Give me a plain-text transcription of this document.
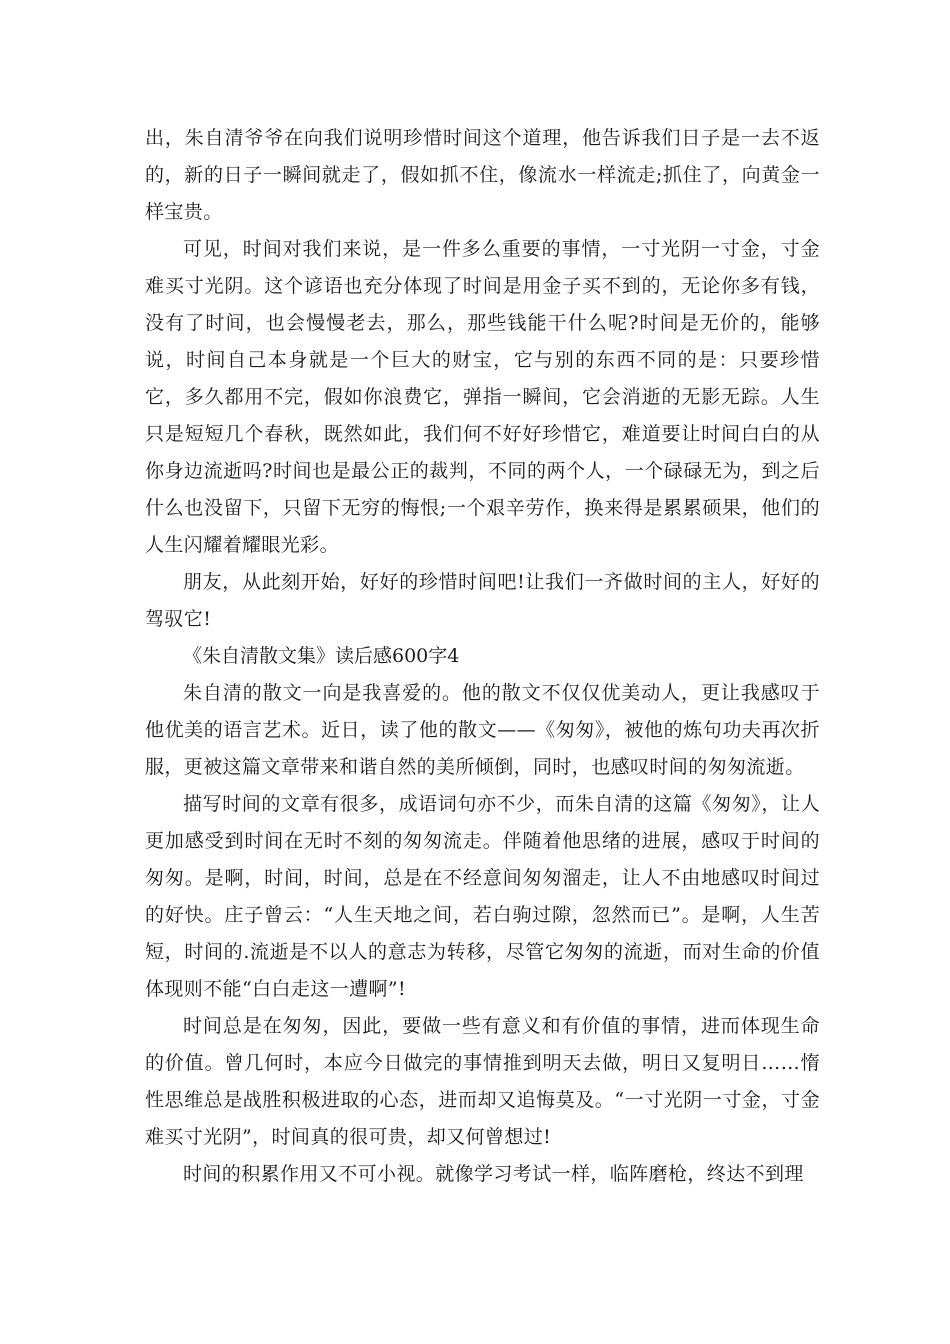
出，朱自清爷爷在向我们说明珍惜时间这个道理，他告诉我们日子是一去不返的，新的日子一瞬间就走了，假如抓不住，像流水一样流走;抓住了，向黄金一样宝贵。

可见，时间对我们来说，是一件多么重要的事情，一寸光阴一寸金，寸金难买寸光阴。这个谚语也充分体现了时间是用金子买不到的，无论你多有钱，没有了时间，也会慢慢老去，那么，那些钱能干什么呢?时间是无价的，能够说，时间自己本身就是一个巨大的财宝，它与别的东西不同的是：只要珍惜它，多久都用不完，假如你浪费它，弹指一瞬间，它会消逝的无影无踪。人生只是短短几个春秋，既然如此，我们何不好好珍惜它，难道要让时间白白的从你身边流逝吗?时间也是最公正的裁判，不同的两个人，一个碌碌无为，到之后什么也没留下，只留下无穷的悔恨;一个艰辛劳作，换来得是累累硕果，他们的人生闪耀着耀眼光彩。

朋友，从此刻开始，好好的珍惜时间吧!让我们一齐做时间的主人，好好的驾驭它!

《朱自清散文集》读后感600字4

朱自清的散文一向是我喜爱的。他的散文不仅仅优美动人，更让我感叹于他优美的语言艺术。近日，读了他的散文——《匆匆》，被他的炼句功夫再次折服，更被这篇文章带来和谐自然的美所倾倒，同时，也感叹时间的匆匆流逝。

描写时间的文章有很多，成语词句亦不少，而朱自清的这篇《匆匆》，让人更加感受到时间在无时不刻的匆匆流走。伴随着他思绪的进展，感叹于时间的匆匆。是啊，时间，时间，总是在不经意间匆匆溜走，让人不由地感叹时间过的好快。庄子曾云：“人生天地之间，若白驹过隙，忽然而已”。是啊，人生苦短，时间的.流逝是不以人的意志为转移，尽管它匆匆的流逝，而对生命的价值体现则不能“白白走这一遭啊”!

时间总是在匆匆，因此，要做一些有意义和有价值的事情，进而体现生命的价值。曾几何时，本应今日做完的事情推到明天去做，明日又复明日……惰性思维总是战胜积极进取的心态，进而却又追悔莫及。“一寸光阴一寸金，寸金难买寸光阴”，时间真的很可贵，却又何曾想过!

时间的积累作用又不可小视。就像学习考试一样，临阵磨枪，终达不到理
